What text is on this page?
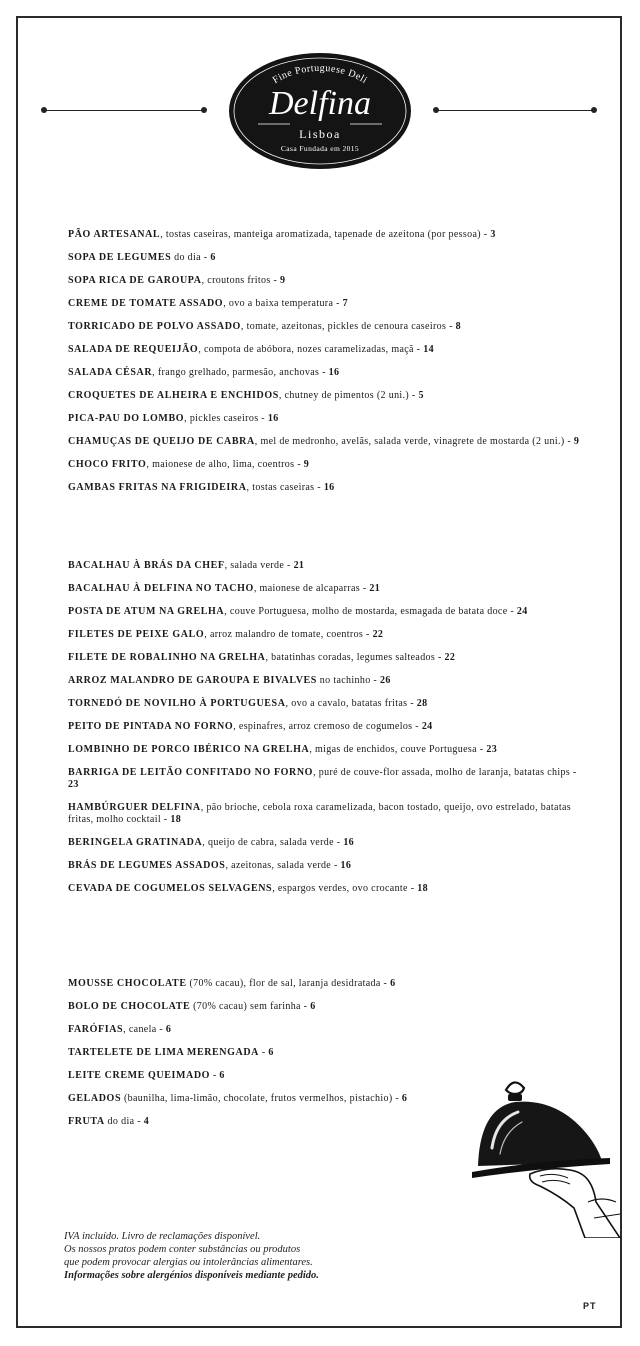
Fine Portuguese Deli
Delfina
Lisboa
Casa Fundada em 2015

PÃO ARTESANAL, tostas caseiras, manteiga aromatizada, tapenade de azeitona (por pessoa) - 3

SOPA DE LEGUMES do dia - 6

SOPA RICA DE GAROUPA, croutons fritos - 9

CREME DE TOMATE ASSADO, ovo a baixa temperatura - 7

TORRICADO DE POLVO ASSADO, tomate, azeitonas, pickles de cenoura caseiros - 8

SALADA DE REQUEIJÃO, compota de abóbora, nozes caramelizadas, maçã - 14

SALADA CÉSAR, frango grelhado, parmesão, anchovas - 16

CROQUETES DE ALHEIRA E ENCHIDOS, chutney de pimentos (2 uni.) - 5

PICA-PAU DO LOMBO, pickles caseiros - 16

CHAMUÇAS DE QUEIJO DE CABRA, mel de medronho, avelãs, salada verde, vinagrete de mostarda (2 uni.) - 9

CHOCO FRITO, maionese de alho, lima, coentros - 9

GAMBAS FRITAS NA FRIGIDEIRA, tostas caseiras - 16

BACALHAU À BRÁS DA CHEF, salada verde - 21

BACALHAU À DELFINA NO TACHO, maionese de alcaparras - 21

POSTA DE ATUM NA GRELHA, couve Portuguesa, molho de mostarda, esmagada de batata doce - 24

FILETES DE PEIXE GALO, arroz malandro de tomate, coentros - 22

FILETE DE ROBALINHO NA GRELHA, batatinhas coradas, legumes salteados - 22

ARROZ MALANDRO DE GAROUPA E BIVALVES no tachinho - 26

TORNEDÓ DE NOVILHO À PORTUGUESA, ovo a cavalo, batatas fritas - 28

PEITO DE PINTADA NO FORNO, espinafres, arroz cremoso de cogumelos - 24

LOMBINHO DE PORCO IBÉRICO NA GRELHA, migas de enchidos, couve Portuguesa - 23

BARRIGA DE LEITÃO CONFITADO NO FORNO, puré de couve-flor assada, molho de laranja, batatas chips - 23

HAMBÚRGUER DELFINA, pão brioche, cebola roxa caramelizada, bacon tostado, queijo, ovo estrelado, batatas fritas, molho cocktail - 18

BERINGELA GRATINADA, queijo de cabra, salada verde - 16

BRÁS DE LEGUMES ASSADOS, azeitonas, salada verde - 16

CEVADA DE COGUMELOS SELVAGENS, espargos verdes, ovo crocante - 18

MOUSSE CHOCOLATE (70% cacau), flor de sal, laranja desidratada - 6

BOLO DE CHOCOLATE (70% cacau) sem farinha - 6

FARÓFIAS, canela - 6

TARTELETE DE LIMA MERENGADA - 6

LEITE CREME QUEIMADO - 6

GELADOS (baunilha, lima-limão, chocolate, frutos vermelhos, pistachio) - 6

FRUTA do dia - 4

IVA incluído. Livro de reclamações disponível.
Os nossos pratos podem conter substâncias ou produtos
que podem provocar alergias ou intolerâncias alimentares.
Informações sobre alergénios disponíveis mediante pedido.
PT
